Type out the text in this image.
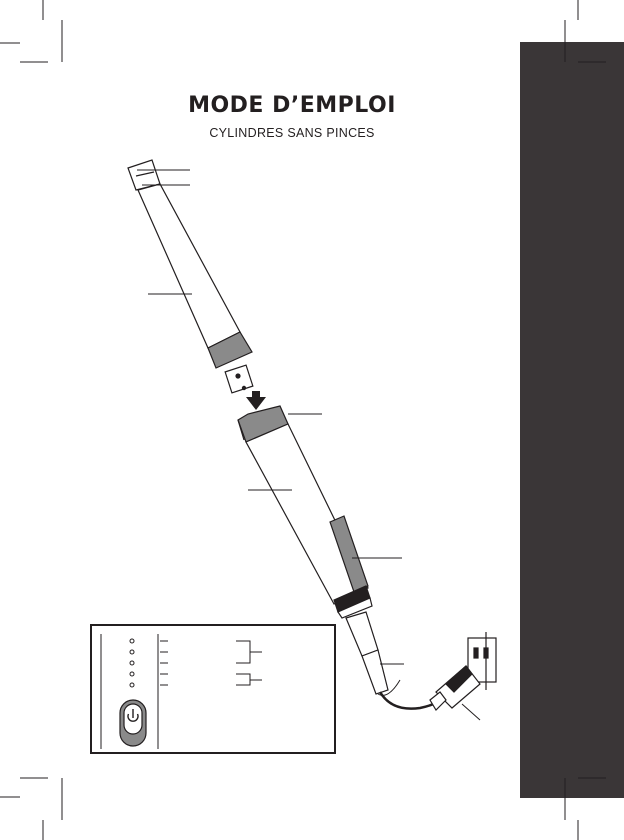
MODE D’EMPLOI
CYLINDRES SANS PINCES
